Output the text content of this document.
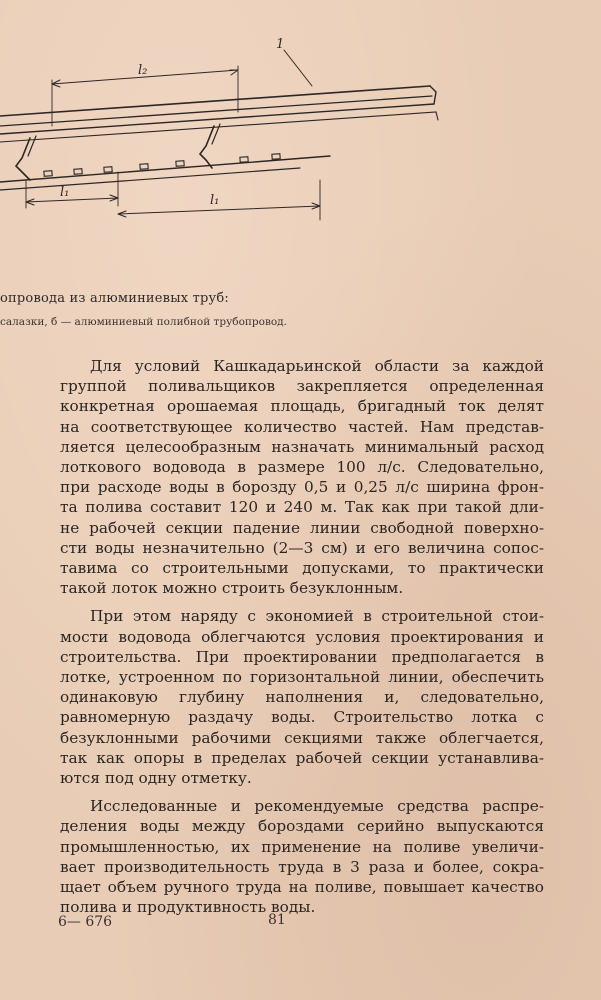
l₂
l₁
l₁
1
опровода из алюминиевых труб:
салазки, б — алюминиевый полибной трубопровод.
Для условий Кашкадарьинской области за каждой
группой поливальщиков закрепляется определенная
конкретная орошаемая площадь, бригадный ток делят
на соответствующее количество частей. Нам представ-
ляется целесообразным назначать минимальный расход
лоткового водовода в размере 100 л/с. Следовательно,
при расходе воды в борозду 0,5 и 0,25 л/с ширина фрон-
та полива составит 120 и 240 м. Так как при такой дли-
не рабочей секции падение линии свободной поверхно-
сти воды незначительно (2—3 см) и его величина сопос-
тавима со строительными допусками, то практически
такой лоток можно строить безуклонным.
При этом наряду с экономией в строительной стои-
мости водовода облегчаются условия проектирования и
строительства. При проектировании предполагается в
лотке, устроенном по горизонтальной линии, обеспечить
одинаковую глубину наполнения и, следовательно,
равномерную раздачу воды. Строительство лотка с
безуклонными рабочими секциями также облегчается,
так как опоры в пределах рабочей секции устанавлива-
ются под одну отметку.
Исследованные и рекомендуемые средства распре-
деления воды между бороздами серийно выпускаются
промышленностью, их применение на поливе увеличи-
вает производительность труда в 3 раза и более, сокра-
щает объем ручного труда на поливе, повышает качество
полива и продуктивность воды.
6— 676	81
